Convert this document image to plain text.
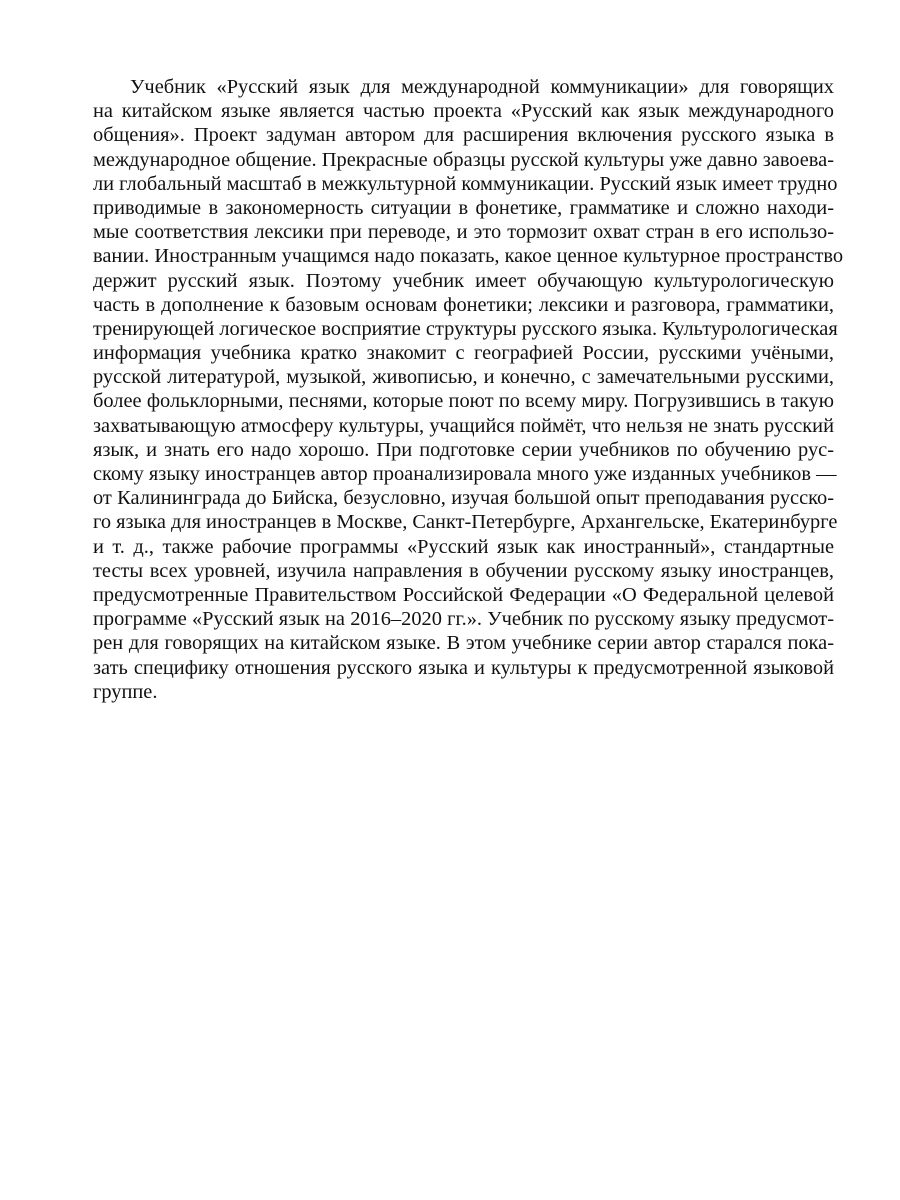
Учебник «Русский язык для международной коммуникации» для говорящих
на китайском языке является частью проекта «Русский как язык международного
общения». Проект задуман автором для расширения включения русского языка в
международное общение. Прекрасные образцы русской культуры уже давно завоева-
ли глобальный масштаб в межкультурной коммуникации. Русский язык имеет трудно
приводимые в закономерность ситуации в фонетике, грамматике и сложно находи-
мые соответствия лексики при переводе, и это тормозит охват стран в его использо-
вании. Иностранным учащимся надо показать, какое ценное культурное пространство
держит русский язык. Поэтому учебник имеет обучающую культурологическую
часть в дополнение к базовым основам фонетики; лексики и разговора, грамматики,
тренирующей логическое восприятие структуры русского языка. Культурологическая
информация учебника кратко знакомит с географией России, русскими учёными,
русской литературой, музыкой, живописью, и конечно, с замечательными русскими,
более фольклорными, песнями, которые поют по всему миру. Погрузившись в такую
захватывающую атмосферу культуры, учащийся поймёт, что нельзя не знать русский
язык, и знать его надо хорошо. При подготовке серии учебников по обучению рус-
скому языку иностранцев автор проанализировала много уже изданных учебников —
от Калининграда до Бийска, безусловно, изучая большой опыт преподавания русско-
го языка для иностранцев в Москве, Санкт-Петербурге, Архангельске, Екатеринбурге
и т. д., также рабочие программы «Русский язык как иностранный», стандартные
тесты всех уровней, изучила направления в обучении русскому языку иностранцев,
предусмотренные Правительством Российской Федерации «О Федеральной целевой
программе «Русский язык на 2016–2020 гг.». Учебник по русскому языку предусмот-
рен для говорящих на китайском языке. В этом учебнике серии автор старался пока-
зать специфику отношения русского языка и культуры к предусмотренной языковой
группе.
